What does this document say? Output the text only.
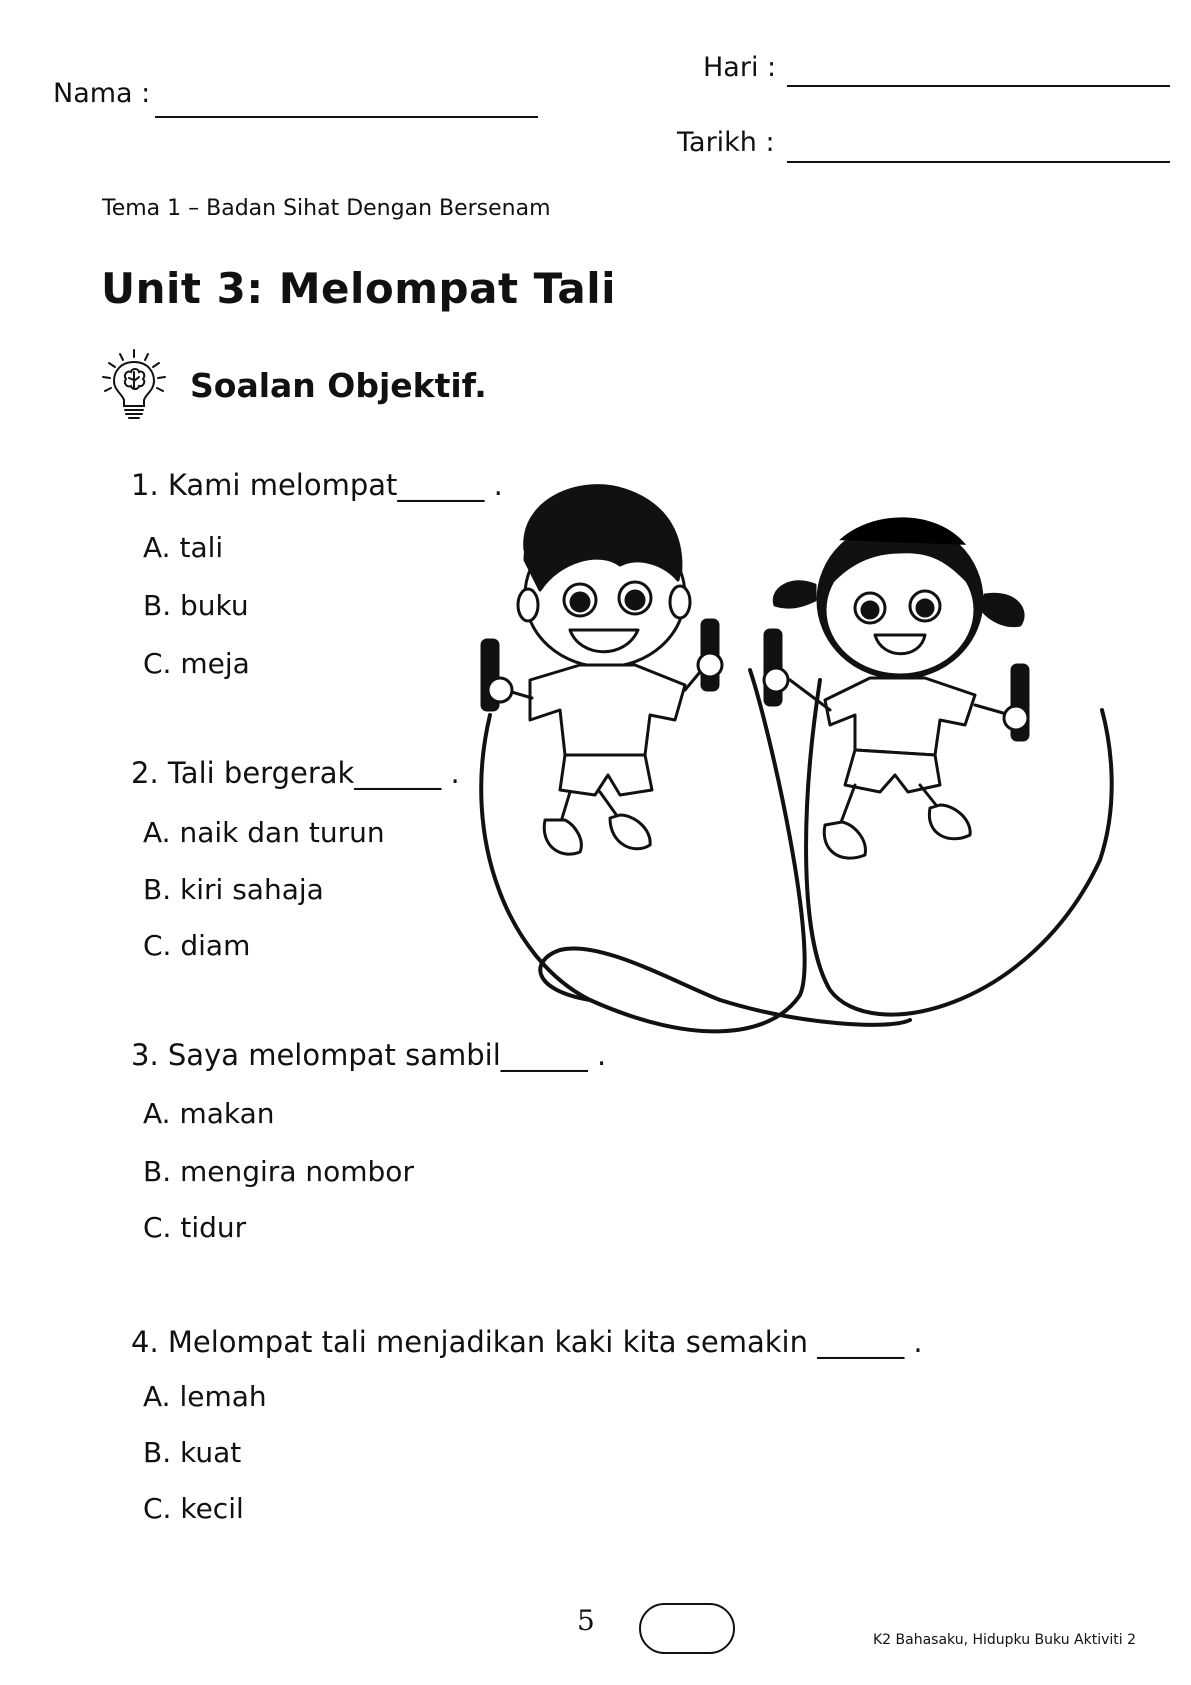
Nama :
Hari :
Tarikh :
Tema 1 – Badan Sihat Dengan Bersenam
Unit 3: Melompat Tali
Soalan Objektif.
1. Kami melompat______ .
A. tali
B. buku
C. meja
2. Tali bergerak______ .
A. naik dan turun
B. kiri sahaja
C. diam
3. Saya melompat sambil______ .
A. makan
B. mengira nombor
C. tidur
4. Melompat tali menjadikan kaki kita semakin ______ .
A. lemah
B. kuat
C. kecil
5
K2 Bahasaku, Hidupku Buku Aktiviti 2
